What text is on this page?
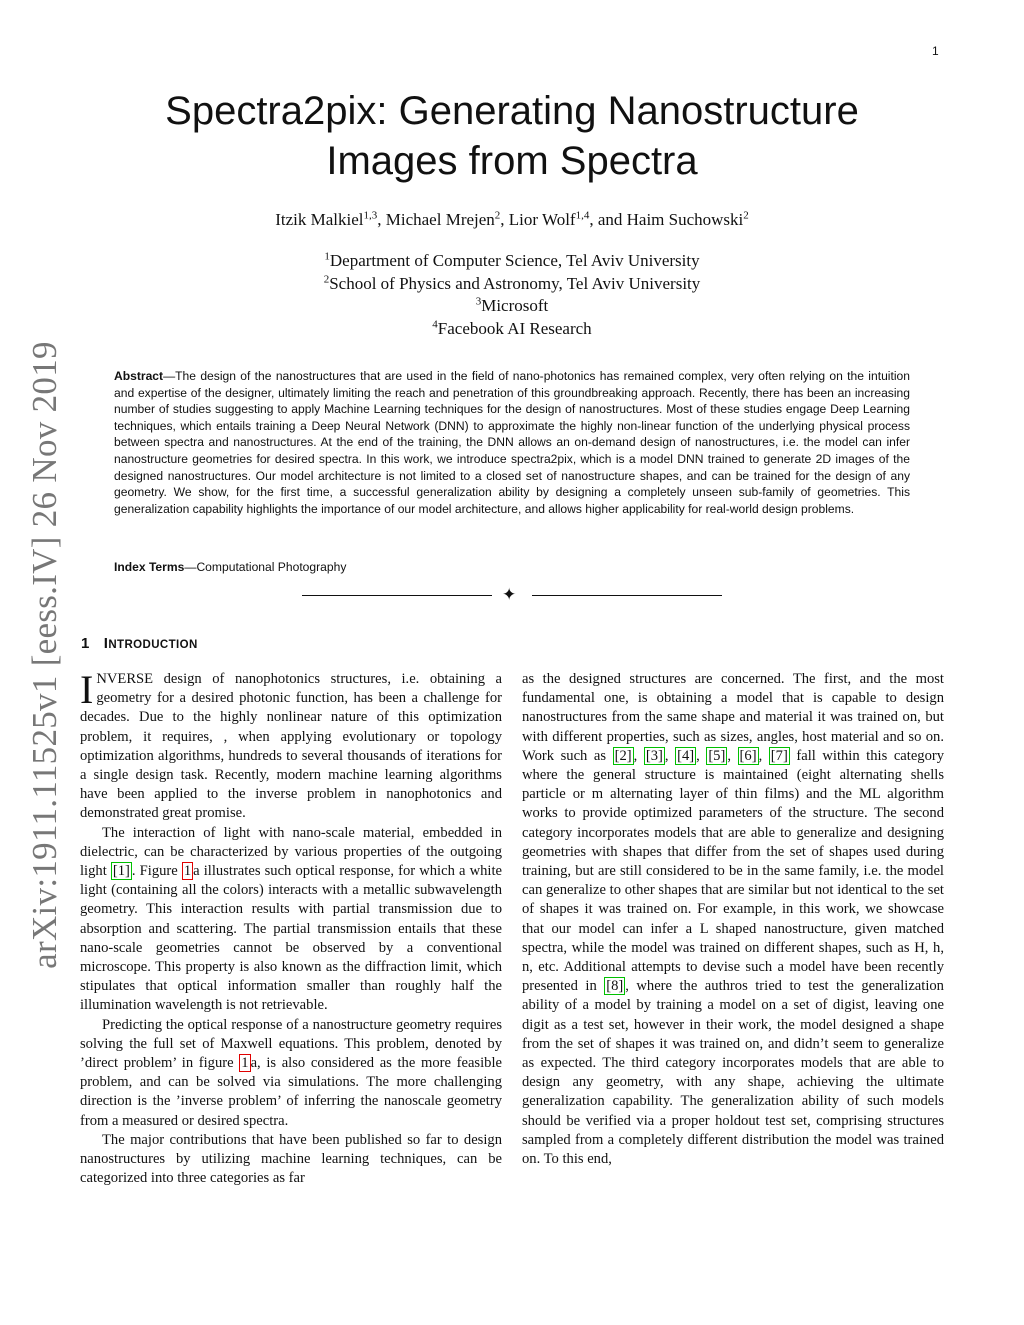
1
arXiv:1911.11525v1 [eess.IV] 26 Nov 2019
Spectra2pix: Generating Nanostructure Images from Spectra
Itzik Malkiel$^{1,3}$, Michael Mrejen$^2$, Lior Wolf$^{1,4}$, and Haim Suchowski$^2$
$^1$Department of Computer Science, Tel Aviv University
$^2$School of Physics and Astronomy, Tel Aviv University
$^3$Microsoft
$^4$Facebook AI Research
Abstract—The design of the nanostructures that are used in the field of nano-photonics has remained complex, very often relying on the intuition and expertise of the designer, ultimately limiting the reach and penetration of this groundbreaking approach. Recently, there has been an increasing number of studies suggesting to apply Machine Learning techniques for the design of nanostructures. Most of these studies engage Deep Learning techniques, which entails training a Deep Neural Network (DNN) to approximate the highly non-linear function of the underlying physical process between spectra and nanostructures. At the end of the training, the DNN allows an on-demand design of nanostructures, i.e. the model can infer nanostructure geometries for desired spectra. In this work, we introduce spectra2pix, which is a model DNN trained to generate 2D images of the designed nanostructures. Our model architecture is not limited to a closed set of nanostructure shapes, and can be trained for the design of any geometry. We show, for the first time, a successful generalization ability by designing a completely unseen sub-family of geometries. This generalization capability highlights the importance of our model architecture, and allows higher applicability for real-world design problems.
Index Terms—Computational Photography
✦
1 INTRODUCTION

INVERSE design of nanophotonics structures, i.e. obtaining a geometry for a desired photonic function, has been a challenge for decades. Due to the highly nonlinear nature of this optimization problem, it requires, , when applying evolutionary or topology optimization algorithms, hundreds to several thousands of iterations for a single design task. Recently, modern machine learning algorithms have been applied to the inverse problem in nanophotonics and demonstrated great promise.

The interaction of light with nano-scale material, embedded in dielectric, can be characterized by various properties of the outgoing light [1] . Figure 1 a illustrates such optical response, for which a white light (containing all the colors) interacts with a metallic subwavelength geometry. This interaction results with partial transmission due to absorption and scattering. The partial transmission entails that these nano-scale geometries cannot be observed by a conventional microscope. This property is also known as the diffraction limit, which stipulates that optical information smaller than roughly half the illumination wavelength is not retrievable.

Predicting the optical response of a nanostructure geometry requires solving the full set of Maxwell equations. This problem, denoted by ’direct problem’ in figure 1 a, is also considered as the more feasible problem, and can be solved via simulations. The more challenging direction is the ’inverse problem’ of inferring the nanoscale geometry from a measured or desired spectra.

The major contributions that have been published so far to design nanostructures by utilizing machine learning techniques, can be categorized into three categories as far

as the designed structures are concerned. The first, and the most fundamental one, is obtaining a model that is capable to design nanostructures from the same shape and material it was trained on, but with different properties, such as sizes, angles, host material and so on. Work such as [2] , [3] , [4] , [5] , [6] , [7] fall within this category where the general structure is maintained (eight alternating shells particle or m alternating layer of thin films) and the ML algorithm works to provide optimized parameters of the structure. The second category incorporates models that are able to generalize and designing geometries with shapes that differ from the set of shapes used during training, but are still considered to be in the same family, i.e. the model can generalize to other shapes that are similar but not identical to the set of shapes it was trained on. For example, in this work, we showcase that our model can infer a L shaped nanostructure, given matched spectra, while the model was trained on different shapes, such as H, h, n, etc. Additional attempts to devise such a model have been recently presented in [8] , where the authros tried to test the generalization ability of a model by training a model on a set of digist, leaving one digit as a test set, however in their work, the model designed a shape from the set of shapes it was trained on, and didn’t seem to generalize as expected. The third category incorporates models that are able to design any geometry, with any shape, achieving the ultimate generalization capability. The generalization ability of such models should be verified via a proper holdout test set, comprising structures sampled from a completely different distribution the model was trained on. To this end,
